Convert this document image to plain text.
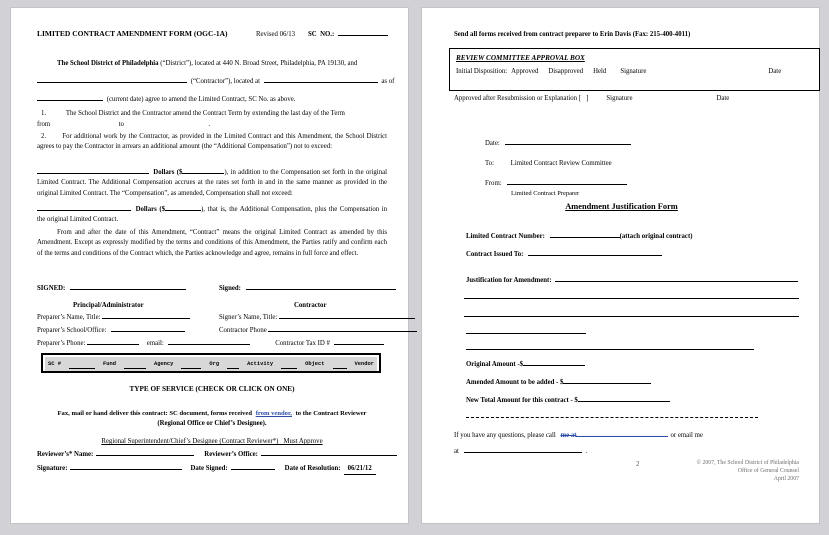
LIMITED CONTRACT AMENDMENT FORM (OGC-1A)	Revised 06/13 SC  NO.:
The School District of Philadelphia (“District”), located at 440 N. Broad Street, Philadelphia, PA 19130, and
(“Contractor”), located at	as of
(current date) agree to amend the Limited Contract, SC No. as above.
1.	The School District and the Contractor amend the Contract Term by extending the last day of the Term
from	to	.
2. For additional work by the Contractor, as provided in the Limited Contract and this Amendment, the School District agrees to pay the Contractor in arrears an additional amount (the “Additional Compensation”) not to exceed:
Dollars ($	), in addition to the Compensation set forth in the original Limited Contract. The Additional Compensation accrues at the rates set forth in and in the same manner as provided in the original Limited Contract. The “Compensation”, as amended, Compensation shall not exceed:
Dollars ($	), that is, the Additional Compensation, plus the Compensation in the original Limited Contract.
From and after the date of this Amendment, “Contract” means the original Limited Contract as amended by this Amendment. Except as expressly modified by the terms and conditions of this Amendment, the Parties ratify and confirm each of the terms and conditions of the Contract which, the Parties acknowledge and agree, remains in full force and effect.
SIGNED:	Signed:
Principal/Administrator	Contractor
Preparer’s Name, Title:	Signer’s Name, Title:
Preparer’s School/Office:	Contractor Phone
Preparer’s Phone:	email:	Contractor Tax ID #
SC #	Fund	Agency	Org	Activity	Object	Vendor
TYPE OF SERVICE (CHECK OR CLICK ON ONE)
Fax, mail or hand deliver this contract: SC document, forms received from vendor, to the Contract Reviewer
(Regional Office or Chief’s Designee).
Regional Superintendent/Chief’s Designee (Contract Reviewer*)   Must Approve
Reviewer’s* Name:	Reviewer’s Office:
Signature:	Date Signed:	Date of Resolution:	06/21/12
Send all forms received from contract preparer to Erin Davis (Fax: 215-400-4011)
REVIEW COMMITTEE APPROVAL BOX
Initial Disposition: Approved Disapproved Held Signature	Date
Approved after Resubmission or Explanation [   ]	Signature	Date
Date:
To: Limited Contract Review Committee
From:
Limited Contract Preparer
Amendment Justification Form
Limited Contract Number:	(attach original contract)
Contract Issued To:
Justification for Amendment:
Original Amount -$
Amended Amount to be added - $
New Total Amount for this contract - $
If you have any questions, please call me at	or email me
at	.
2	© 2007, The School District of Philadelphia
Office of General Counsel
April 2007
